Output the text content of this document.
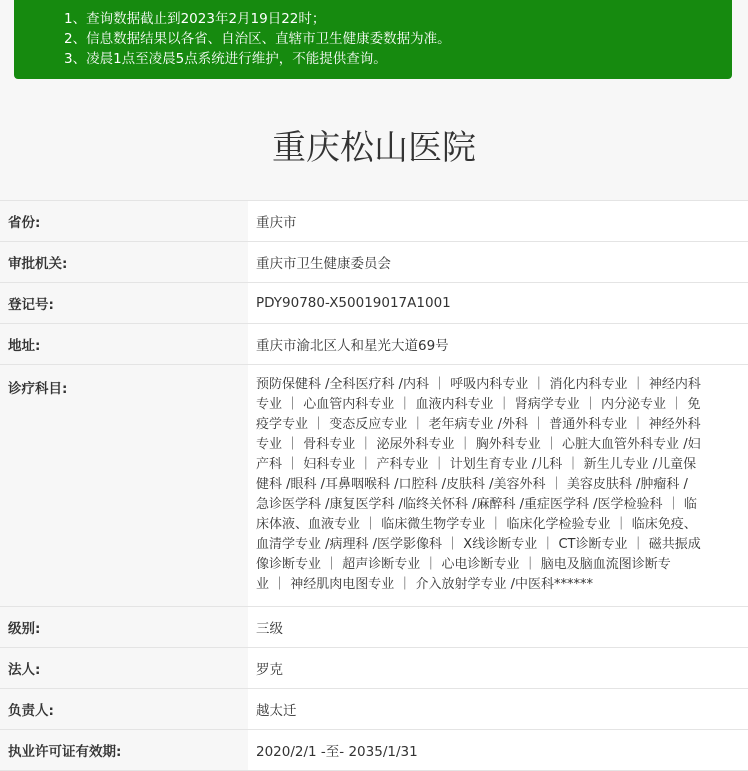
1、查询数据截止到2023年2月19日22时；
2、信息数据结果以各省、自治区、直辖市卫生健康委数据为准。
3、凌晨1点至凌晨5点系统进行维护，不能提供查询。
重庆松山医院
省份:	重庆市
审批机关:	重庆市卫生健康委员会
登记号:	PDY90780-X50019017A1001
地址:	重庆市渝北区人和星光大道69号
诊疗科目:	预防保健科 /全科医疗科 /内科 ｜ 呼吸内科专业 ｜ 消化内科专业 ｜ 神经内科
专业 ｜ 心血管内科专业 ｜ 血液内科专业 ｜ 肾病学专业 ｜ 内分泌专业 ｜ 免
疫学专业 ｜ 变态反应专业 ｜ 老年病专业 /外科 ｜ 普通外科专业 ｜ 神经外科
专业 ｜ 骨科专业 ｜ 泌尿外科专业 ｜ 胸外科专业 ｜ 心脏大血管外科专业 /妇
产科 ｜ 妇科专业 ｜ 产科专业 ｜ 计划生育专业 /儿科 ｜ 新生儿专业 /儿童保
健科 /眼科 /耳鼻咽喉科 /口腔科 /皮肤科 /美容外科 ｜ 美容皮肤科 /肿瘤科 /
急诊医学科 /康复医学科 /临终关怀科 /麻醉科 /重症医学科 /医学检验科 ｜ 临
床体液、血液专业 ｜ 临床微生物学专业 ｜ 临床化学检验专业 ｜ 临床免疫、
血清学专业 /病理科 /医学影像科 ｜ X线诊断专业 ｜ CT诊断专业 ｜ 磁共振成
像诊断专业 ｜ 超声诊断专业 ｜ 心电诊断专业 ｜ 脑电及脑血流图诊断专
业 ｜ 神经肌肉电图专业 ｜ 介入放射学专业 /中医科******
级别:	三级
法人:	罗克
负责人:	越太迁
执业许可证有效期:	2020/2/1 -至- 2035/1/31
